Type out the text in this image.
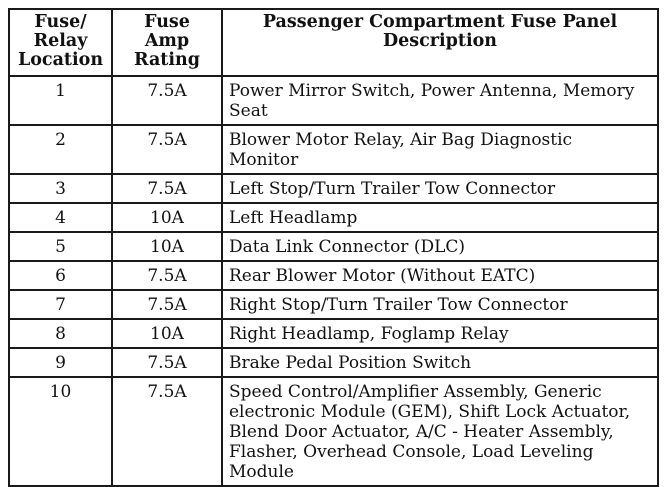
Fuse/
Relay
Location	Fuse
Amp
Rating	Passenger Compartment Fuse Panel
Description

1	7.5A	Power Mirror Switch, Power Antenna, Memory
Seat

2	7.5A	Blower Motor Relay, Air Bag Diagnostic
Monitor

3	7.5A	Left Stop/Turn Trailer Tow Connector

4	10A	Left Headlamp

5	10A	Data Link Connector (DLC)

6	7.5A	Rear Blower Motor (Without EATC)

7	7.5A	Right Stop/Turn Trailer Tow Connector

8	10A	Right Headlamp, Foglamp Relay

9	7.5A	Brake Pedal Position Switch

10	7.5A	Speed Control/Amplifier Assembly, Generic
electronic Module (GEM), Shift Lock Actuator,
Blend Door Actuator, A/C - Heater Assembly,
Flasher, Overhead Console, Load Leveling
Module
